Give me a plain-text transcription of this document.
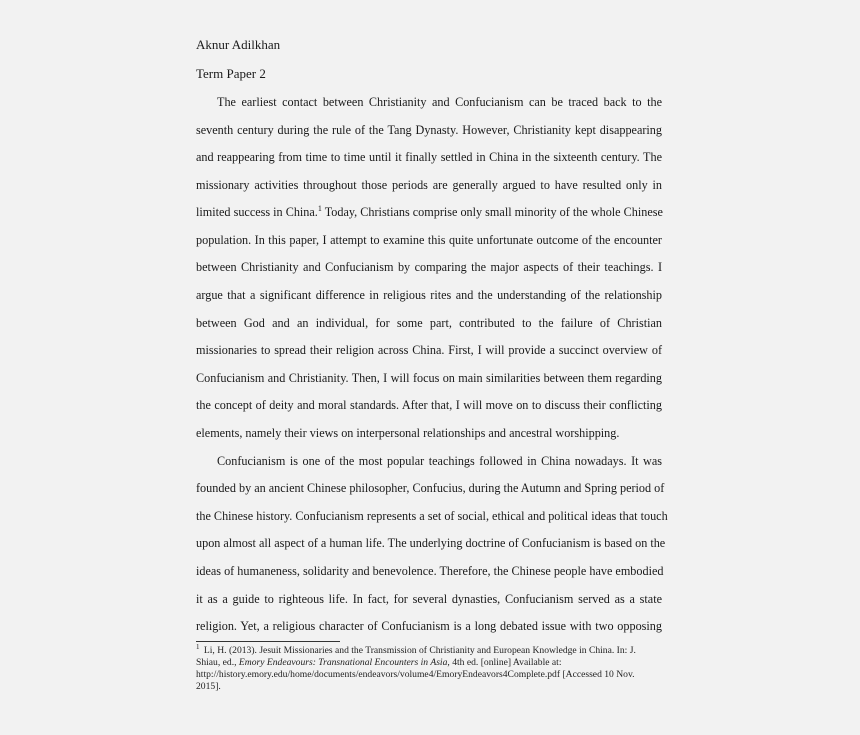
Aknur Adilkhan
Term Paper 2
The earliest contact between Christianity and Confucianism can be traced back to the
seventh century during the rule of the Tang Dynasty. However, Christianity kept disappearing
and reappearing from time to time until it finally settled in China in the sixteenth century. The
missionary activities throughout those periods are generally argued to have resulted only in
limited success in China.$^1$ Today, Christians comprise only small minority of the whole Chinese
population. In this paper, I attempt to examine this quite unfortunate outcome of the encounter
between Christianity and Confucianism by comparing the major aspects of their teachings. I
argue that a significant difference in religious rites and the understanding of the relationship
between God and an individual, for some part, contributed to the failure of Christian
missionaries to spread their religion across China. First, I will provide a succinct overview of
Confucianism and Christianity. Then, I will focus on main similarities between them regarding
the concept of deity and moral standards. After that, I will move on to discuss their conflicting
elements, namely their views on interpersonal relationships and ancestral worshipping.
Confucianism is one of the most popular teachings followed in China nowadays. It was
founded by an ancient Chinese philosopher, Confucius, during the Autumn and Spring period of
the Chinese history. Confucianism represents a set of social, ethical and political ideas that touch
upon almost all aspect of a human life. The underlying doctrine of Confucianism is based on the
ideas of humaneness, solidarity and benevolence. Therefore, the Chinese people have embodied
it as a guide to righteous life. In fact, for several dynasties, Confucianism served as a state
religion. Yet, a religious character of Confucianism is a long debated issue with two opposing
$^1$ Li, H. (2013). Jesuit Missionaries and the Transmission of Christianity and European Knowledge in China. In: J.
Shiau, ed., Emory Endeavours: Transnational Encounters in Asia, 4th ed. [online] Available at:
http://history.emory.edu/home/documents/endeavors/volume4/EmoryEndeavors4Complete.pdf [Accessed 10 Nov.
2015].
